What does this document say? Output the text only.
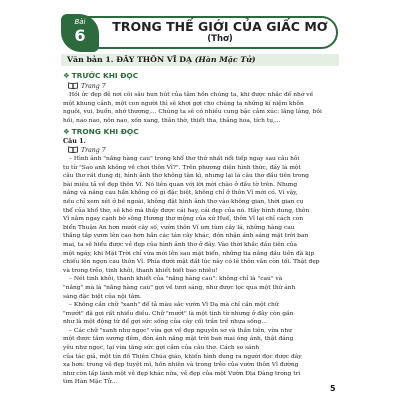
Bài
6	TRONG THẾ GIỚI CỦA GIẤC MƠ
(Thơ)
Văn bản 1. ĐÂY THÔN VĨ DẠ (Hàn Mặc Tử)
❖ TRƯỚC KHI ĐỌC
Trang 7
Hồi ức đẹp đẽ nơi cõi sâu hun hút của tâm hồn chúng ta, khi được nhắc đề nhớ về
một khung cảnh, một con người thì sẽ khơi gợi cho chúng ta những kí niệm khôn
nguôi, vui, buồn, nhớ thương,... Chúng ta sẽ có nhiều cung bậc cảm xúc: lâng lâng, bồi
hồi, nao nao, nôn nao, xốn xang, thẫn thờ, thiết tha, thảng hoa, tích tụ,...
❖ TRONG KHI ĐỌC
Câu 1.
Trang 7
– Hình ảnh "nắng hàng cau" trong khổ thơ thứ nhất nổi tiếp ngay sau câu hỏi
tu từ "Sao anh không về chơi thôn Vĩ?". Trên phương diện hình thức, đây là một
câu thơ rất dung dị, hình ảnh thơ không tân kì, nhưng lại là câu thơ đầu tiên trong
bài miêu tả về đẹp thôn Vĩ. Nó liên quan với lời mời chào ở đầu tờ trên. Nhưng
nắng và nắng cau hẳn không có gì đặc biệt, không chỉ ở thôn Vĩ mới có. Vì vậy,
nếu chỉ xem xét ở bề ngoài, không đặt hình ảnh thơ vào không gian, thời gian cụ
thể của khổ thơ, sẽ khó mà thấy được cái hay, cái đẹp của nó. Hãy hình dung, thôn
Vĩ nằm ngay cạnh bờ sông Hương thơ mộng của xứ Huế, thôn Vĩ lại chỉ cách con
biển Thuận An hơn mười cây số, vườn thôn Vĩ um tùm cây lá, những hàng cau
thẳng tắp vươn lên cao hơn hẳn các tán cây khác, đón nhận ánh sáng mặt trời ban
mai, ta sẽ hiểu được vẻ đẹp của hình ảnh thơ ở đây. Vào thời khắc đầu tiên của
một ngày, khi Mặt Trời chỉ vừa mới lên sau mặt biển, những tia nắng đầu tiên đã kịp
chiếu lên ngọn cau thôn Vĩ. Phía dưới mặt đất lúc này có lẽ thôn vẫn còn tối. Thật đẹp
và trong trẻo, tinh khôi, thanh khiết biết bao nhiêu!
– Nét tinh khôi, thanh khiết của "nắng hàng cau": không chỉ là "cau" và
"nắng" mà là "nắng hàng cau" gợi về tươi sáng, như được lọc qua một thứ ánh
sáng đặc biệt của nội tâm.
– Không cần chữ "xanh" để tả màu sắc vườn Vĩ Dạ mà chỉ cần một chữ
"mướt" đã gợi rất nhiều điều. Chữ "mướt" là một tính từ nhưng ở đây còn gần
như là một động từ để gợi sức sống của cây cối trần trề nhựa sống...
– Các chữ "xanh như ngọc" vừa gợi về đẹp nguyên sơ và thần tiên, vừa như
một được tắm sương đêm, đón ánh nắng mặt trời ban mai óng ánh, thật đáng
yêu như ngọc, lại vừa tăng sức gợi cảm của câu thơ. Cách so sánh
của tác giả, một tín đồ Thiên Chúa giáo, khiến hình dung ra người đọc được đây
xa hơn: trong vẻ đẹp tuyệt mĩ, hồn nhiên và trong trẻo của vườn thôn Vĩ đường
như còn lấp lánh một vẻ đẹp khác nữa, vẻ đẹp của một Vườn Địa Đàng trong trí
tìm Hàn Mặc Tử...
5
